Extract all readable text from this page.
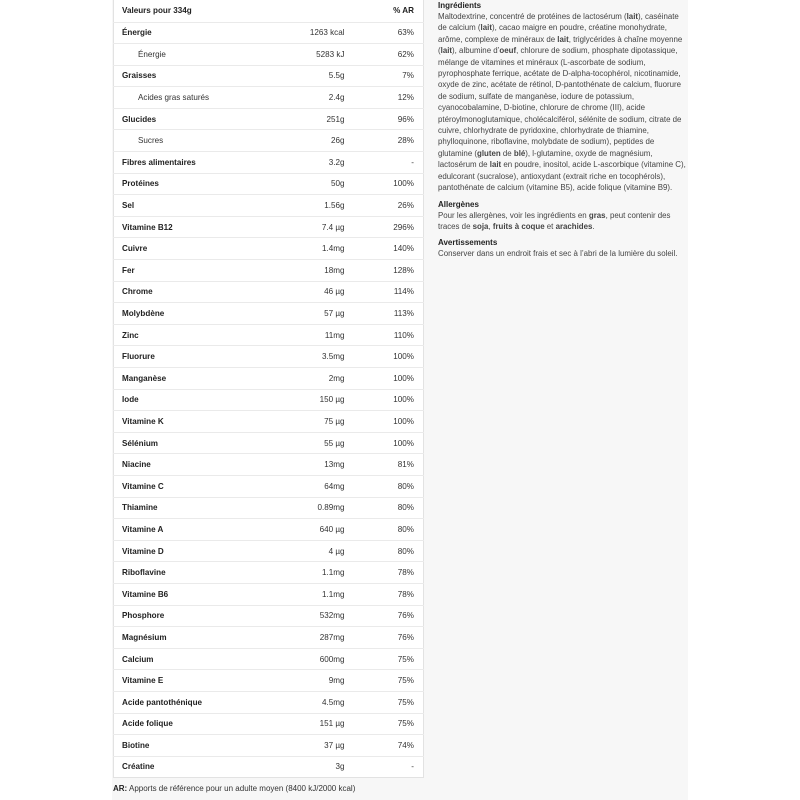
Valeurs pour 334g		% AR
Énergie	1263 kcal	63%
Énergie	5283 kJ	62%
Graisses	5.5g	7%
Acides gras saturés	2.4g	12%
Glucides	251g	96%
Sucres	26g	28%
Fibres alimentaires	3.2g	-
Protéines	50g	100%
Sel	1.56g	26%
Vitamine B12	7.4 µg	296%
Cuivre	1.4mg	140%
Fer	18mg	128%
Chrome	46 µg	114%
Molybdène	57 µg	113%
Zinc	11mg	110%
Fluorure	3.5mg	100%
Manganèse	2mg	100%
Iode	150 µg	100%
Vitamine K	75 µg	100%
Sélénium	55 µg	100%
Niacine	13mg	81%
Vitamine C	64mg	80%
Thiamine	0.89mg	80%
Vitamine A	640 µg	80%
Vitamine D	4 µg	80%
Riboflavine	1.1mg	78%
Vitamine B6	1.1mg	78%
Phosphore	532mg	76%
Magnésium	287mg	76%
Calcium	600mg	75%
Vitamine E	9mg	75%
Acide pantothénique	4.5mg	75%
Acide folique	151 µg	75%
Biotine	37 µg	74%
Créatine	3g	-
AR: Apports de référence pour un adulte moyen (8400 kJ/2000 kcal)
Ingrédients

Maltodextrine, concentré de protéines de lactosérum (lait), caséinate de calcium (lait), cacao maigre en poudre, créatine monohydrate, arôme, complexe de minéraux de lait, triglycérides à chaîne moyenne (lait), albumine d’oeuf, chlorure de sodium, phosphate dipotassique, mélange de vitamines et minéraux (L-ascorbate de sodium, pyrophosphate ferrique, acétate de D-alpha-tocophérol, nicotinamide, oxyde de zinc, acétate de rétinol, D-pantothénate de calcium, fluorure de sodium, sulfate de manganèse, iodure de potassium, cyanocobalamine, D-biotine, chlorure de chrome (III), acide ptéroylmonoglutamique, cholécalciférol, sélénite de sodium, citrate de cuivre, chlorhydrate de pyridoxine, chlorhydrate de thiamine, phylloquinone, riboflavine, molybdate de sodium), peptides de glutamine (gluten de blé), l-glutamine, oxyde de magnésium, lactosérum de lait en poudre, inositol, acide L-ascorbique (vitamine C), edulcorant (sucralose), antioxydant (extrait riche en tocophérols), pantothénate de calcium (vitamine B5), acide folique (vitamine B9).

Allergènes

Pour les allergènes, voir les ingrédients en gras, peut contenir des traces de soja, fruits à coque et arachides.

Avertissements

Conserver dans un endroit frais et sec à l’abri de la lumière du soleil.
